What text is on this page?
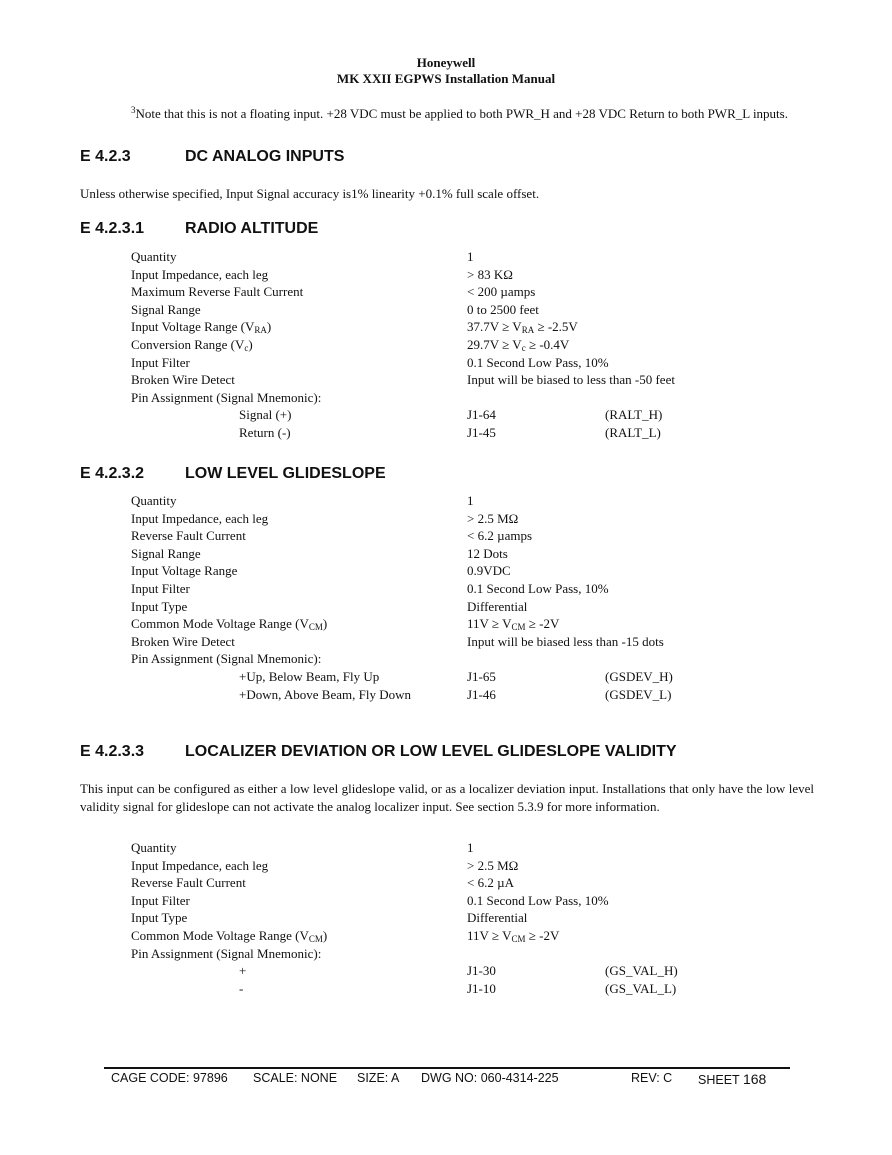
Honeywell
MK XXII EGPWS Installation Manual
$^3$Note that this is not a floating input. +28 VDC must be applied to both PWR_H and +28 VDC Return to both PWR_L inputs.
E 4.2.3	DC ANALOG INPUTS
Unless otherwise specified, Input Signal accuracy is1% linearity +0.1% full scale offset.
E 4.2.3.1	RADIO ALTITUDE
Quantity	1
Input Impedance, each leg	> 83 KΩ
Maximum Reverse Fault Current	< 200 µamps
Signal Range	0 to 2500 feet
Input Voltage Range $(V_{RA})$	$37.7V \ge V_{RA} \ge -2.5V$
Conversion Range $(V_c)$	$29.7V \ge V_c \ge -0.4V$
Input Filter	0.1 Second Low Pass, 10%
Broken Wire Detect	Input will be biased to less than -50 feet
Pin Assignment (Signal Mnemonic):
Signal (+)	J1-64	(RALT_H)
Return (-)	J1-45	(RALT_L)
E 4.2.3.2	LOW LEVEL GLIDESLOPE
Quantity	1
Input Impedance, each leg	> 2.5 MΩ
Reverse Fault Current	< 6.2 µamps
Signal Range	12 Dots
Input Voltage Range	0.9VDC
Input Filter	0.1 Second Low Pass, 10%
Input Type	Differential
Common Mode Voltage Range $(V_{CM})$	$11V \ge V_{CM} \ge -2V$
Broken Wire Detect	Input will be biased less than -15 dots
Pin Assignment (Signal Mnemonic):
+Up, Below Beam, Fly Up	J1-65	(GSDEV_H)
+Down, Above Beam, Fly Down	J1-46	(GSDEV_L)
E 4.2.3.3	LOCALIZER DEVIATION OR LOW LEVEL GLIDESLOPE VALIDITY
This input can be configured as either a low level glideslope valid, or as a localizer deviation input. Installations that only have the low level validity signal for glideslope can not activate the analog localizer input. See section 5.3.9 for more information.
Quantity	1
Input Impedance, each leg	> 2.5 MΩ
Reverse Fault Current	< 6.2 µA
Input Filter	0.1 Second Low Pass, 10%
Input Type	Differential
Common Mode Voltage Range $(V_{CM})$	$11V \ge V_{CM} \ge -2V$
Pin Assignment (Signal Mnemonic):
+	J1-30	(GS_VAL_H)
-	J1-10	(GS_VAL_L)
CAGE CODE: 97896 SCALE: NONE SIZE: A DWG NO: 060-4314-225	REV: C SHEET 168
